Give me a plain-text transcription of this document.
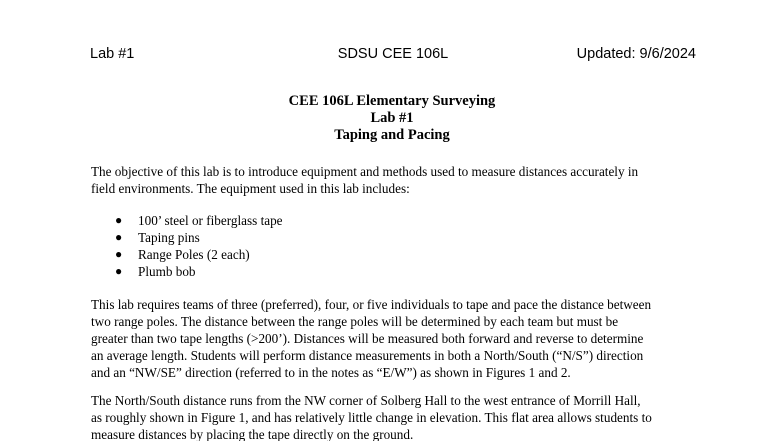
Lab #1	SDSU CEE 106L	Updated: 9/6/2024
CEE 106L Elementary Surveying
Lab #1
Taping and Pacing

The objective of this lab is to introduce equipment and methods used to measure distances accurately in
field environments. The equipment used in this lab includes:

● 100’ steel or fiberglass tape
● Taping pins
● Range Poles (2 each)
● Plumb bob

This lab requires teams of three (preferred), four, or five individuals to tape and pace the distance between
two range poles. The distance between the range poles will be determined by each team but must be
greater than two tape lengths (>200’). Distances will be measured both forward and reverse to determine
an average length. Students will perform distance measurements in both a North/South (“N/S”) direction
and an “NW/SE” direction (referred to in the notes as “E/W”) as shown in Figures 1 and 2.

The North/South distance runs from the NW corner of Solberg Hall to the west entrance of Morrill Hall,
as roughly shown in Figure 1, and has relatively little change in elevation. This flat area allows students to
measure distances by placing the tape directly on the ground.
